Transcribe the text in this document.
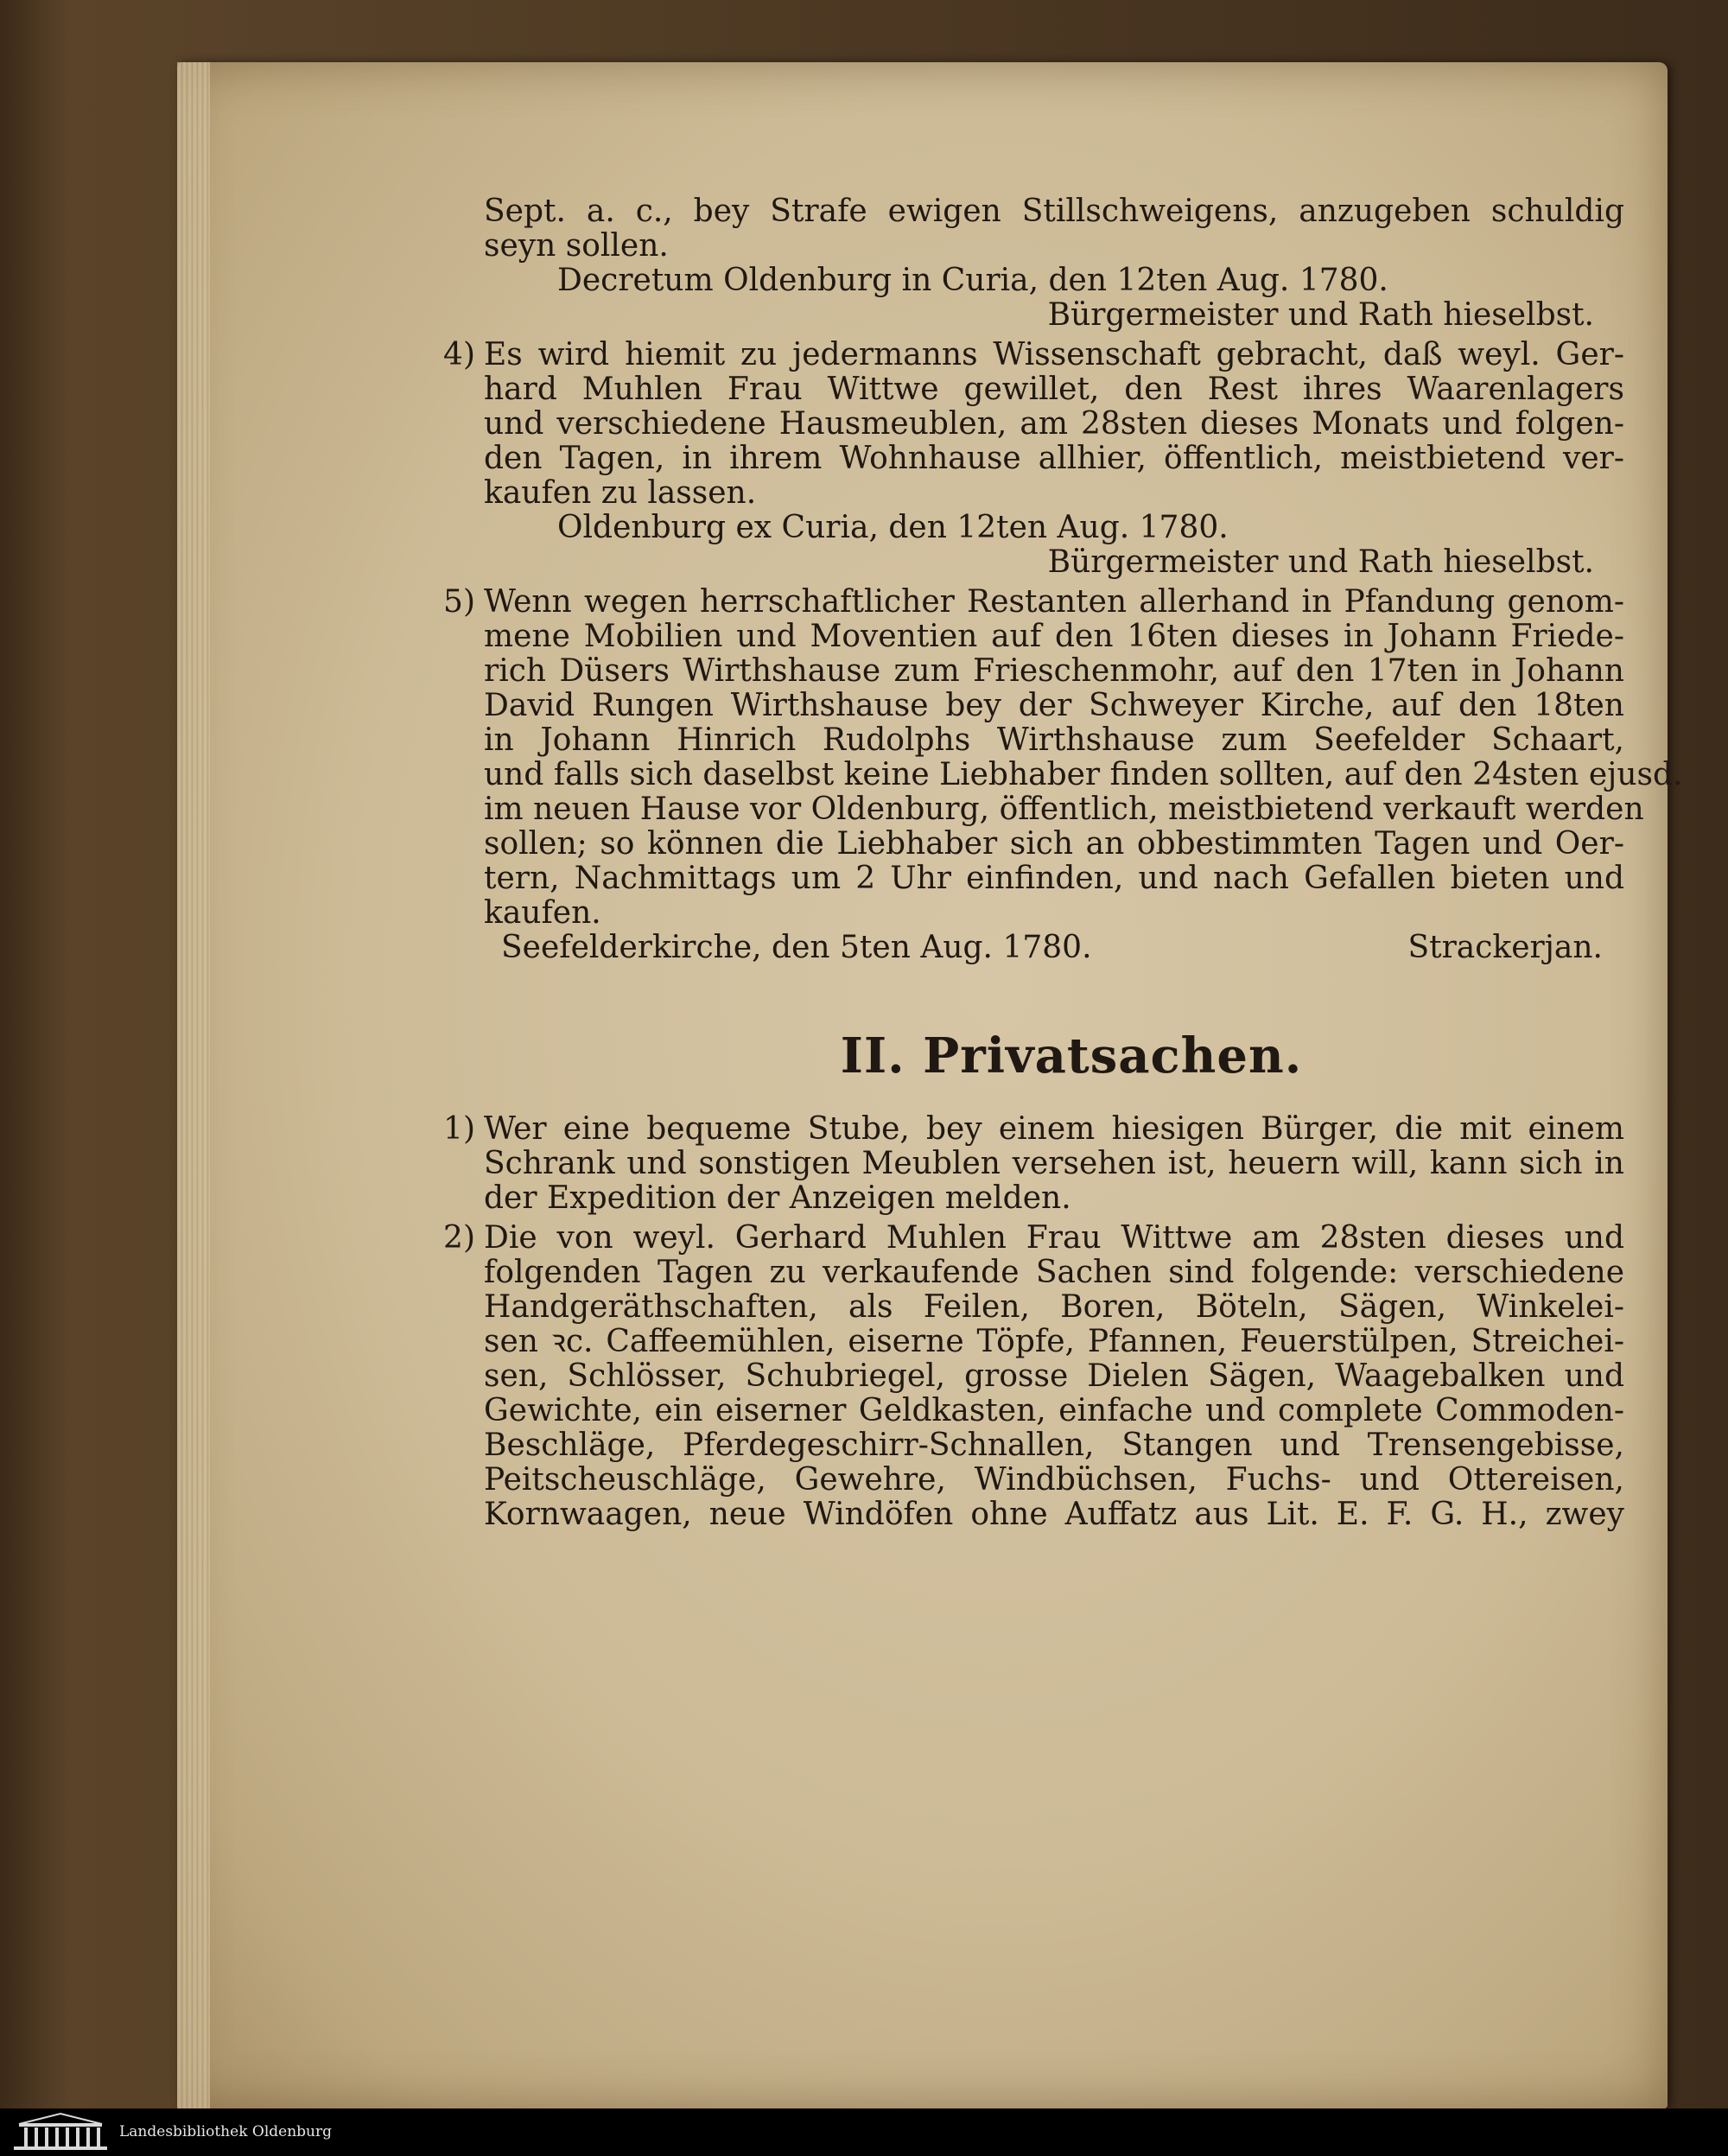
Sept. a. c., bey Strafe ewigen Stillschweigens, anzugeben schuldig
seyn sollen.
Decretum Oldenburg in Curia, den 12ten Aug. 1780.
Bürgermeister und Rath hieselbst.
4) Es wird hiemit zu jedermanns Wissenschaft gebracht, daß weyl. Ger-
hard Muhlen Frau Wittwe gewillet, den Rest ihres Waarenlagers
und verschiedene Hausmeublen, am 28sten dieses Monats und folgen-
den Tagen, in ihrem Wohnhause allhier, öffentlich, meistbietend ver-
kaufen zu lassen.
Oldenburg ex Curia, den 12ten Aug. 1780.
Bürgermeister und Rath hieselbst.
5) Wenn wegen herrschaftlicher Restanten allerhand in Pfandung genom-
mene Mobilien und Moventien auf den 16ten dieses in Johann Friede-
rich Düsers Wirthshause zum Frieschenmohr, auf den 17ten in Johann
David Rungen Wirthshause bey der Schweyer Kirche, auf den 18ten
in Johann Hinrich Rudolphs Wirthshause zum Seefelder Schaart,
und falls sich daselbst keine Liebhaber finden sollten, auf den 24sten ejusd.
im neuen Hause vor Oldenburg, öffentlich, meistbietend verkauft werden
sollen; so können die Liebhaber sich an obbestimmten Tagen und Oer-
tern, Nachmittags um 2 Uhr einfinden, und nach Gefallen bieten und
kaufen.
Seefelderkirche, den 5ten Aug. 1780.	Strackerjan.
II. Privatsachen.
1) Wer eine bequeme Stube, bey einem hiesigen Bürger, die mit einem
Schrank und sonstigen Meublen versehen ist, heuern will, kann sich in
der Expedition der Anzeigen melden.
2) Die von weyl. Gerhard Muhlen Frau Wittwe am 28sten dieses und
folgenden Tagen zu verkaufende Sachen sind folgende: verschiedene
Handgeräthschaften, als Feilen, Boren, Böteln, Sägen, Winkelei-
sen ꝛc. Caffeemühlen, eiserne Töpfe, Pfannen, Feuerstülpen, Streichei-
sen, Schlösser, Schubriegel, grosse Dielen Sägen, Waagebalken und
Gewichte, ein eiserner Geldkasten, einfache und complete Commoden-
Beschläge, Pferdegeschirr-Schnallen, Stangen und Trensengebisse,
Peitscheuschläge, Gewehre, Windbüchsen, Fuchs- und Ottereisen,
Kornwaagen, neue Windöfen ohne Auffatz aus Lit. E. F. G. H., zwey
Landesbibliothek Oldenburg
